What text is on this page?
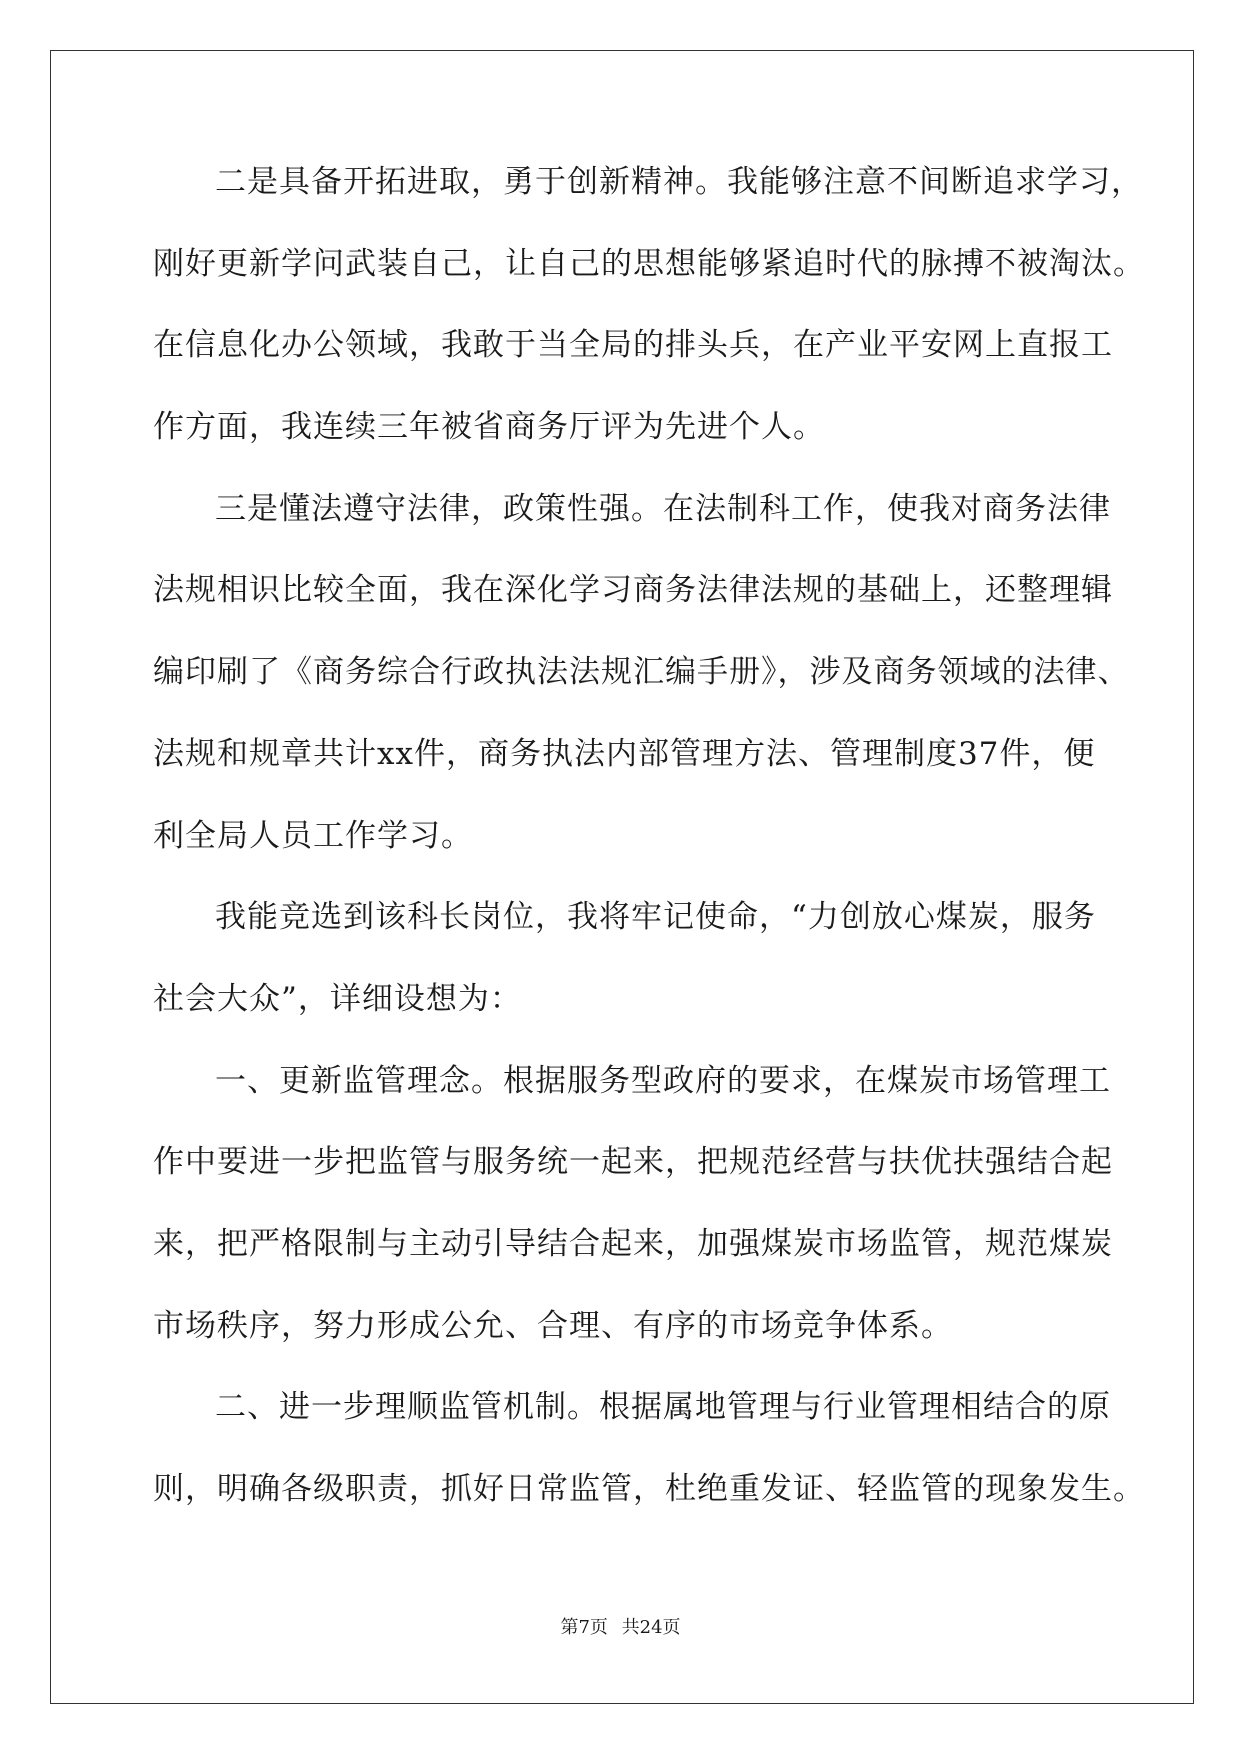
二是具备开拓进取，勇于创新精神。我能够注意不间断追求学习，
刚好更新学问武装自己，让自己的思想能够紧追时代的脉搏不被淘汰。
在信息化办公领域，我敢于当全局的排头兵，在产业平安网上直报工
作方面，我连续三年被省商务厅评为先进个人。
三是懂法遵守法律，政策性强。在法制科工作，使我对商务法律
法规相识比较全面，我在深化学习商务法律法规的基础上，还整理辑
编印刷了《商务综合行政执法法规汇编手册》，涉及商务领域的法律、
法规和规章共计xx件，商务执法内部管理方法、管理制度37件，便
利全局人员工作学习。
我能竞选到该科长岗位，我将牢记使命，“力创放心煤炭，服务
社会大众”，详细设想为：
一、更新监管理念。根据服务型政府的要求，在煤炭市场管理工
作中要进一步把监管与服务统一起来，把规范经营与扶优扶强结合起
来，把严格限制与主动引导结合起来，加强煤炭市场监管，规范煤炭
市场秩序，努力形成公允、合理、有序的市场竞争体系。
二、进一步理顺监管机制。根据属地管理与行业管理相结合的原
则，明确各级职责，抓好日常监管，杜绝重发证、轻监管的现象发生。
第7页 共24页
